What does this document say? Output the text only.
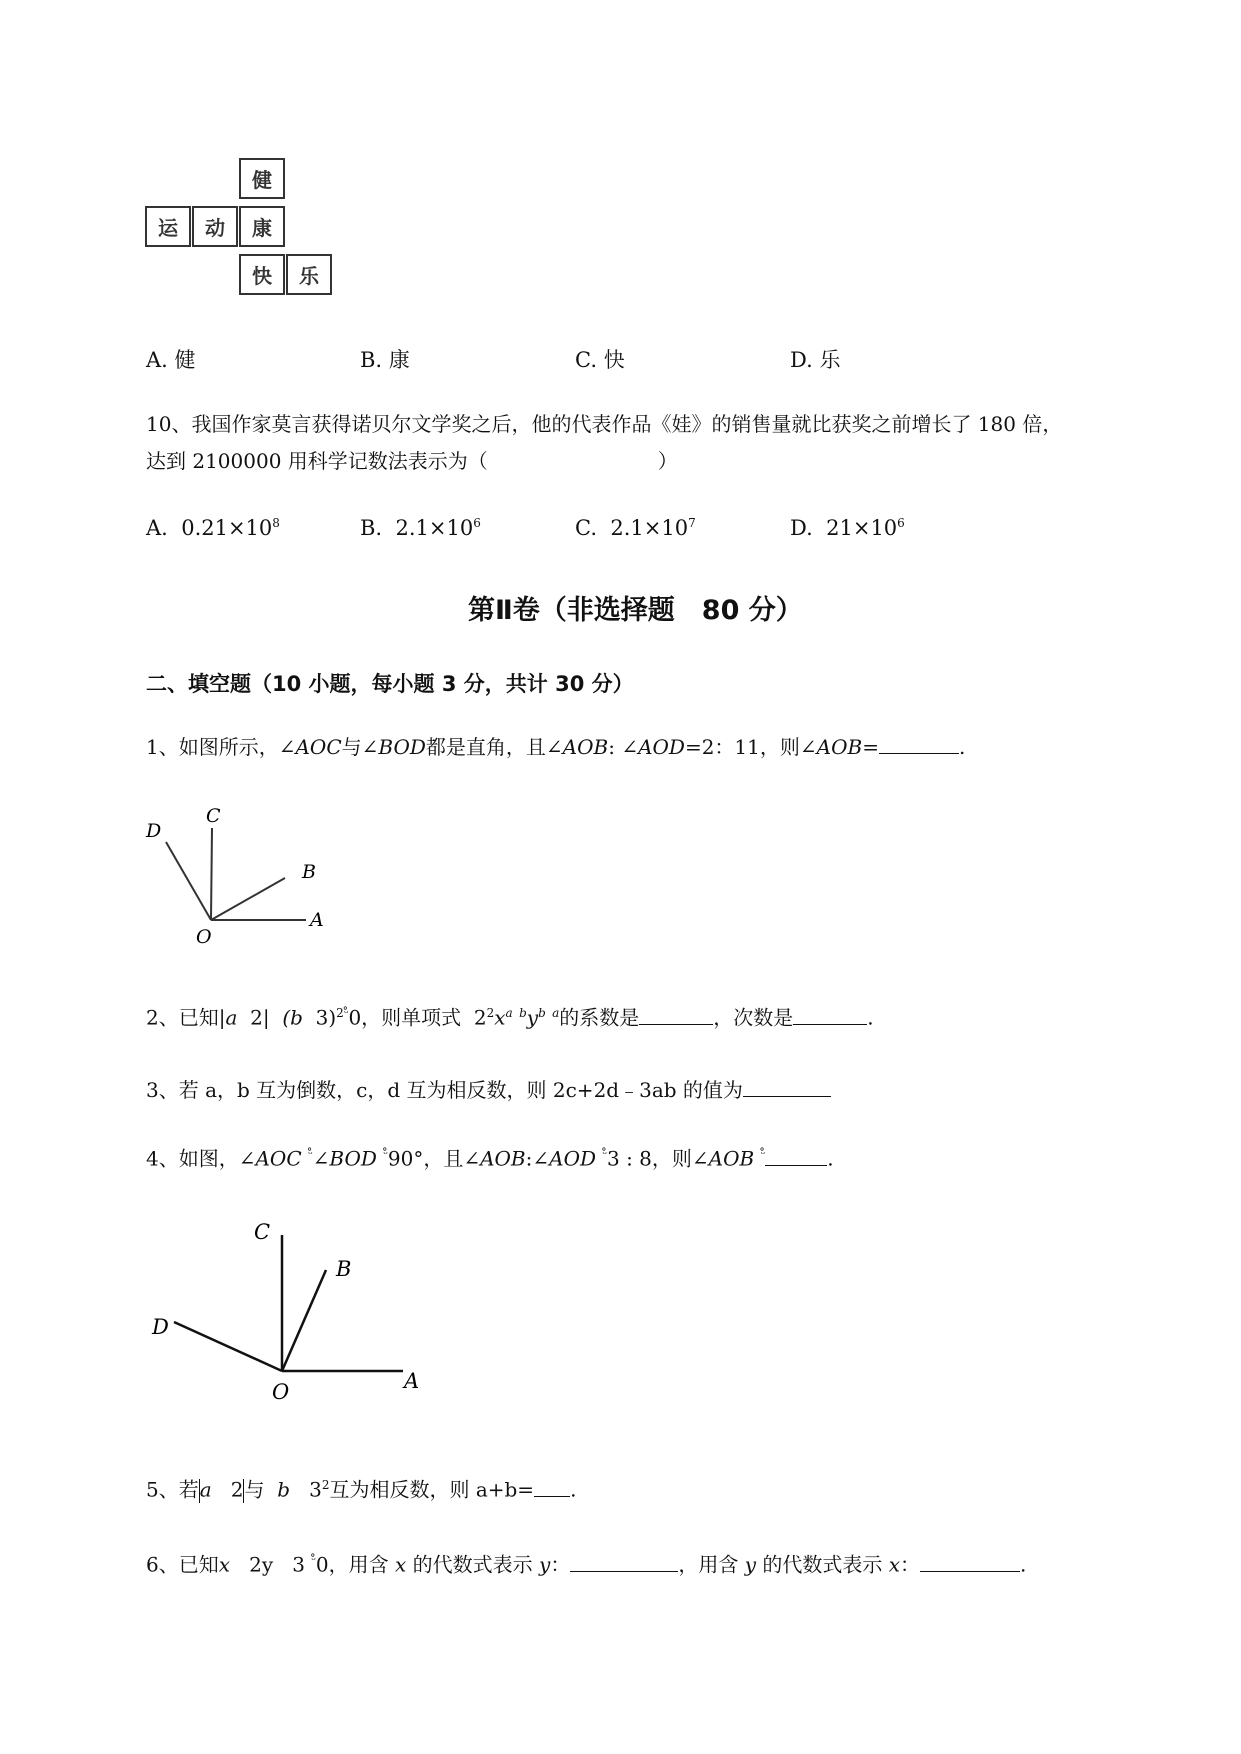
健
运	动	康
快	乐
A. 健	B. 康	C. 快	D. 乐
10、我国作家莫言获得诺贝尔文学奖之后，他的代表作品《娃》的销售量就比获奖之前增长了 180 倍，
达到 2100000 用科学记数法表示为（	）
A. $0.21\times 10^8$	B. $2.1\times 10^6$	C. $2.1\times 10^7$	D. $21\times 10^6$
第Ⅱ卷（非选择题　80 分）
二、填空题（10 小题，每小题 3 分，共计 30 分）
1、如图所示，∠AOC与∠BOD都是直角，且∠AOB: ∠AOD=2：11，则∠AOB=	.
D
C
B
A
O
2、已知|a 2| (b 3)$^{2ᵕ̊}$0，则单项式 $2^2x^a$ $^by^b$ $^a$的系数是	，次数是	.
3、若 a，b 互为倒数，c，d 互为相反数，则 2c+2d﹣3ab 的值为
4、如图，∠AOC $^{ᵕ̊}$∠BOD $^{ᵕ̊}$90°，且∠AOB:∠AOD $^{ᵕ̊}$3 : 8，则∠AOB $^{ᵕ̊}$	.
C
B
D
O	A
5、若a 2与 b $3^2$互为相反数，则 a+b= .
6、已知x 2y 3 $^{ᵕ̊}$0，用含 x 的代数式表示 y：	，用含 y 的代数式表示 x：	.
